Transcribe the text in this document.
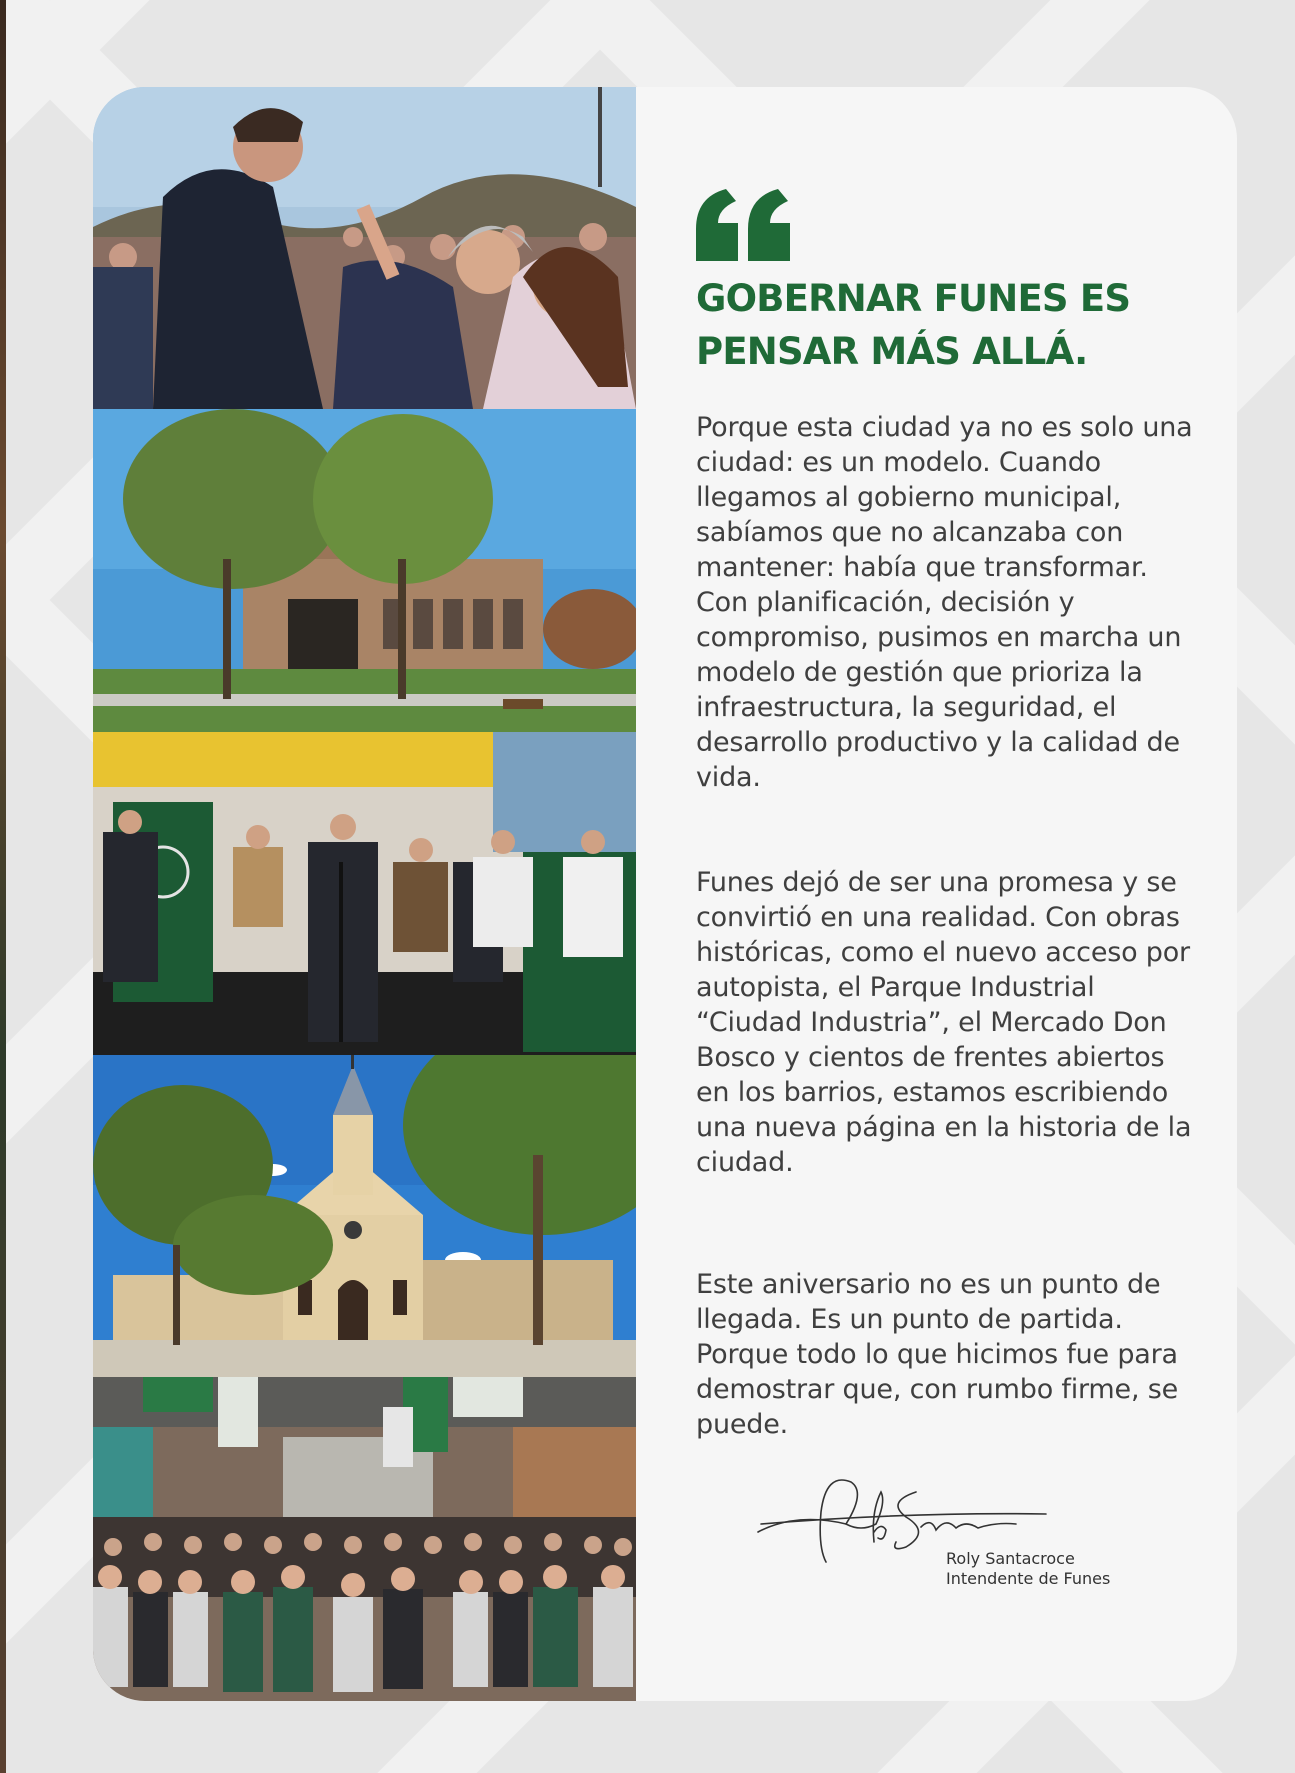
GOBERNAR FUNES ES PENSAR MÁS ALLÁ.

Porque esta ciudad ya no es solo una ciudad: es un modelo. Cuando llegamos al gobierno municipal, sabíamos que no alcanzaba con mantener: había que transformar. Con planificación, decisión y compromiso, pusimos en marcha un modelo de gestión que prioriza la infraestructura, la seguridad, el desarrollo productivo y la calidad de vida.

Funes dejó de ser una promesa y se convirtió en una realidad. Con obras históricas, como el nuevo acceso por autopista, el Parque Industrial “Ciudad Industria”, el Mercado Don Bosco y cientos de frentes abiertos en los barrios, estamos escribiendo una nueva página en la historia de la ciudad.

Este aniversario no es un punto de llegada. Es un punto de partida. Porque todo lo que hicimos fue para demostrar que, con rumbo firme, se puede.

Roly Santacroce
Intendente de Funes
